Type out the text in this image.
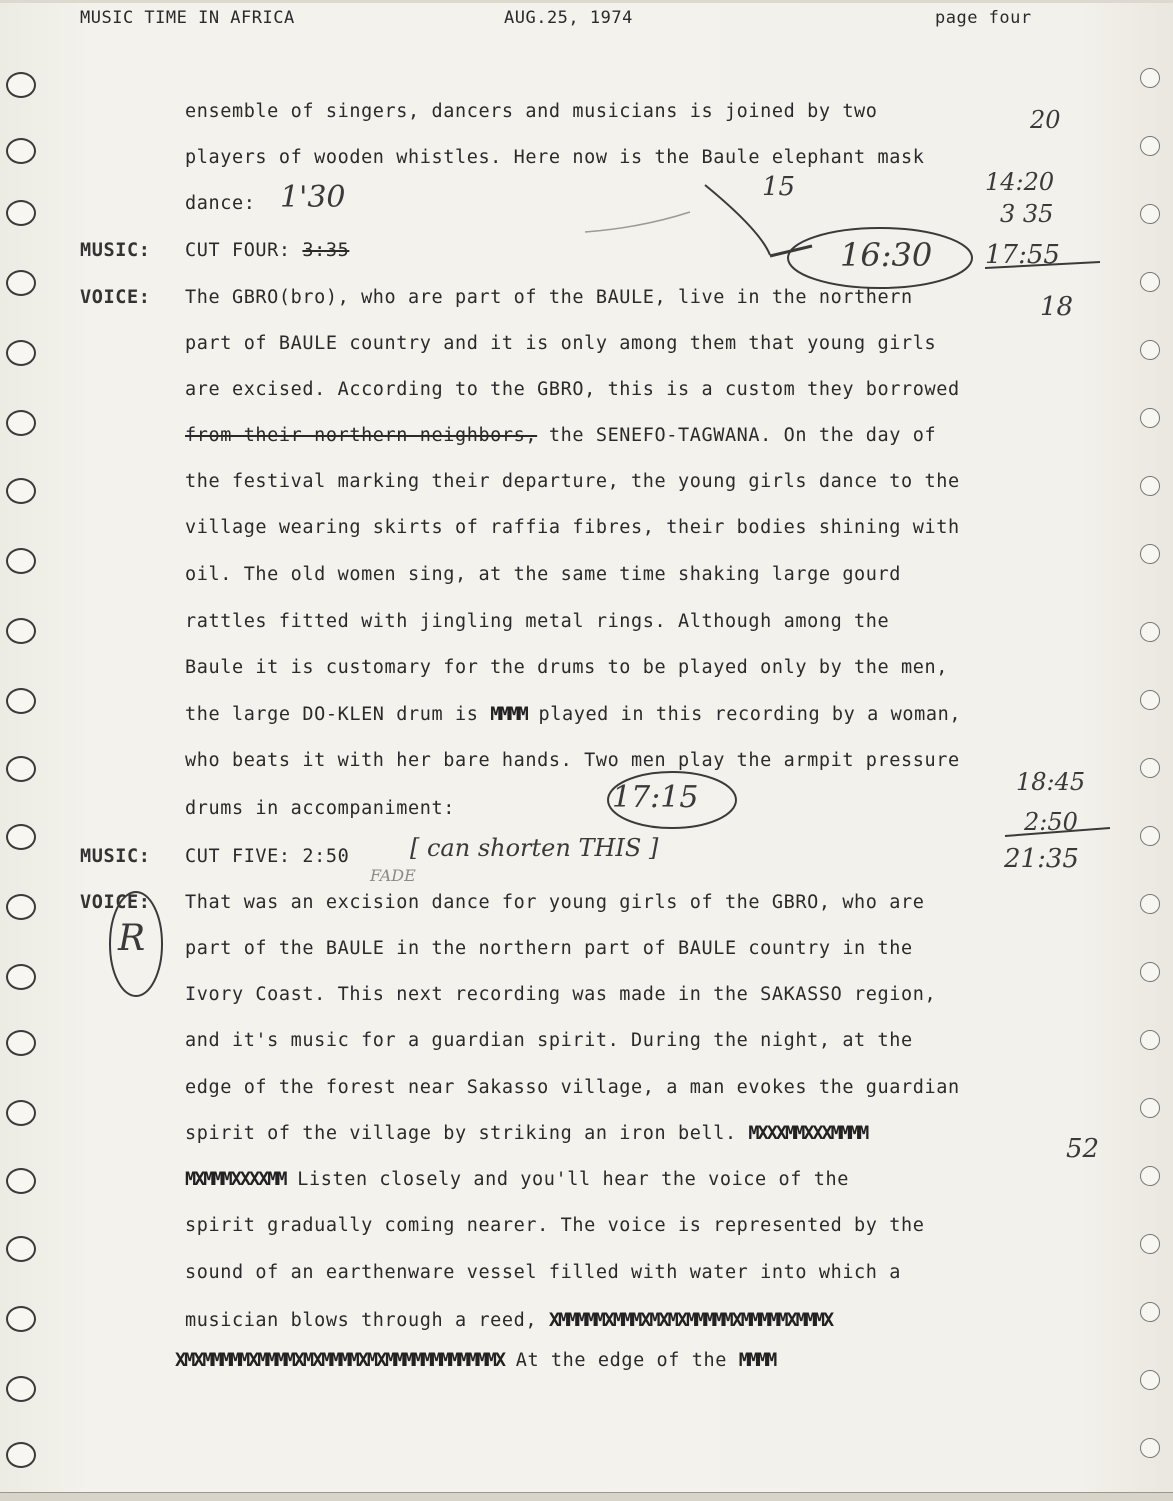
MUSIC TIME IN AFRICA	AUG.25, 1974	page four
ensemble of singers, dancers and musicians is joined by two
players of wooden whistles. Here now is the Baule elephant mask
dance:
MUSIC: CUT FOUR: 3:35
VOICE: The GBRO(bro), who are part of the BAULE, live in the northern
part of BAULE country and it is only among them that young girls
are excised. According to the GBRO, this is a custom they borrowed
from their northern neighbors, the SENEFO-TAGWANA. On the day of
the festival marking their departure, the young girls dance to the
village wearing skirts of raffia fibres, their bodies shining with
oil. The old women sing, at the same time shaking large gourd
rattles fitted with jingling metal rings. Although among the
Baule it is customary for the drums to be played only by the men,
the large DO-KLEN drum is MMMM played in this recording by a woman,
who beats it with her bare hands. Two men play the armpit pressure
drums in accompaniment:
MUSIC: CUT FIVE: 2:50
VOICE: That was an excision dance for young girls of the GBRO, who are
part of the BAULE in the northern part of BAULE country in the
Ivory Coast. This next recording was made in the SAKASSO region,
and it's music for a guardian spirit. During the night, at the
edge of the forest near Sakasso village, a man evokes the guardian
spirit of the village by striking an iron bell. MXXXMMXXXMMMM
MXMMMXXXXMM Listen closely and you'll hear the voice of the
spirit gradually coming nearer. The voice is represented by the
sound of an earthenware vessel filled with water into which a
musician blows through a reed, XMMMMMXMMMXMXMXMMMMMXMMMMMXMMMX
XMXMMMMMXMMMMXMXMMMMXMXMMMMMMMMMMMMX At the edge of the MMMM
20
1'30	15	14:20
3 35
17:55
16:30
18
17:15	18:45
2:50
21:35
[ can shorten THIS ]
R
52
FADE
